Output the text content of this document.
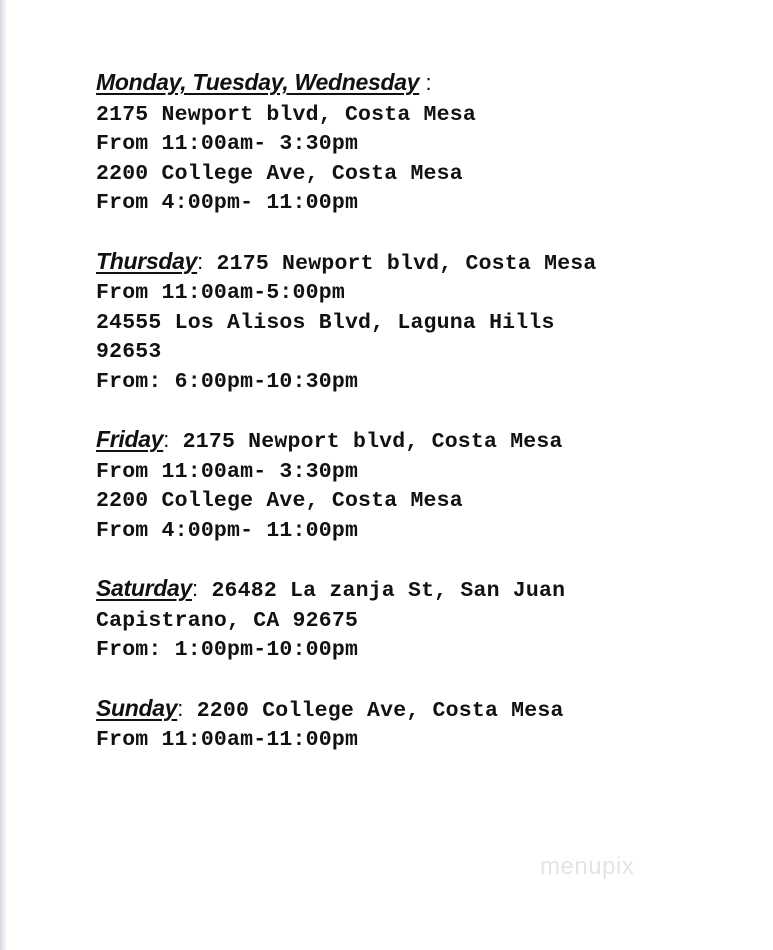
Monday, Tuesday, Wednesday :
2175 Newport blvd, Costa Mesa
From 11:00am- 3:30pm
2200 College Ave, Costa Mesa
From 4:00pm- 11:00pm
Thursday: 2175 Newport blvd, Costa Mesa
From 11:00am-5:00pm
24555 Los Alisos Blvd, Laguna Hills
92653
From: 6:00pm-10:30pm
Friday: 2175 Newport blvd, Costa Mesa
From 11:00am- 3:30pm
2200 College Ave, Costa Mesa
From 4:00pm- 11:00pm
Saturday: 26482 La zanja St, San Juan
Capistrano, CA 92675
From: 1:00pm-10:00pm
Sunday: 2200 College Ave, Costa Mesa
From 11:00am-11:00pm
menupix
